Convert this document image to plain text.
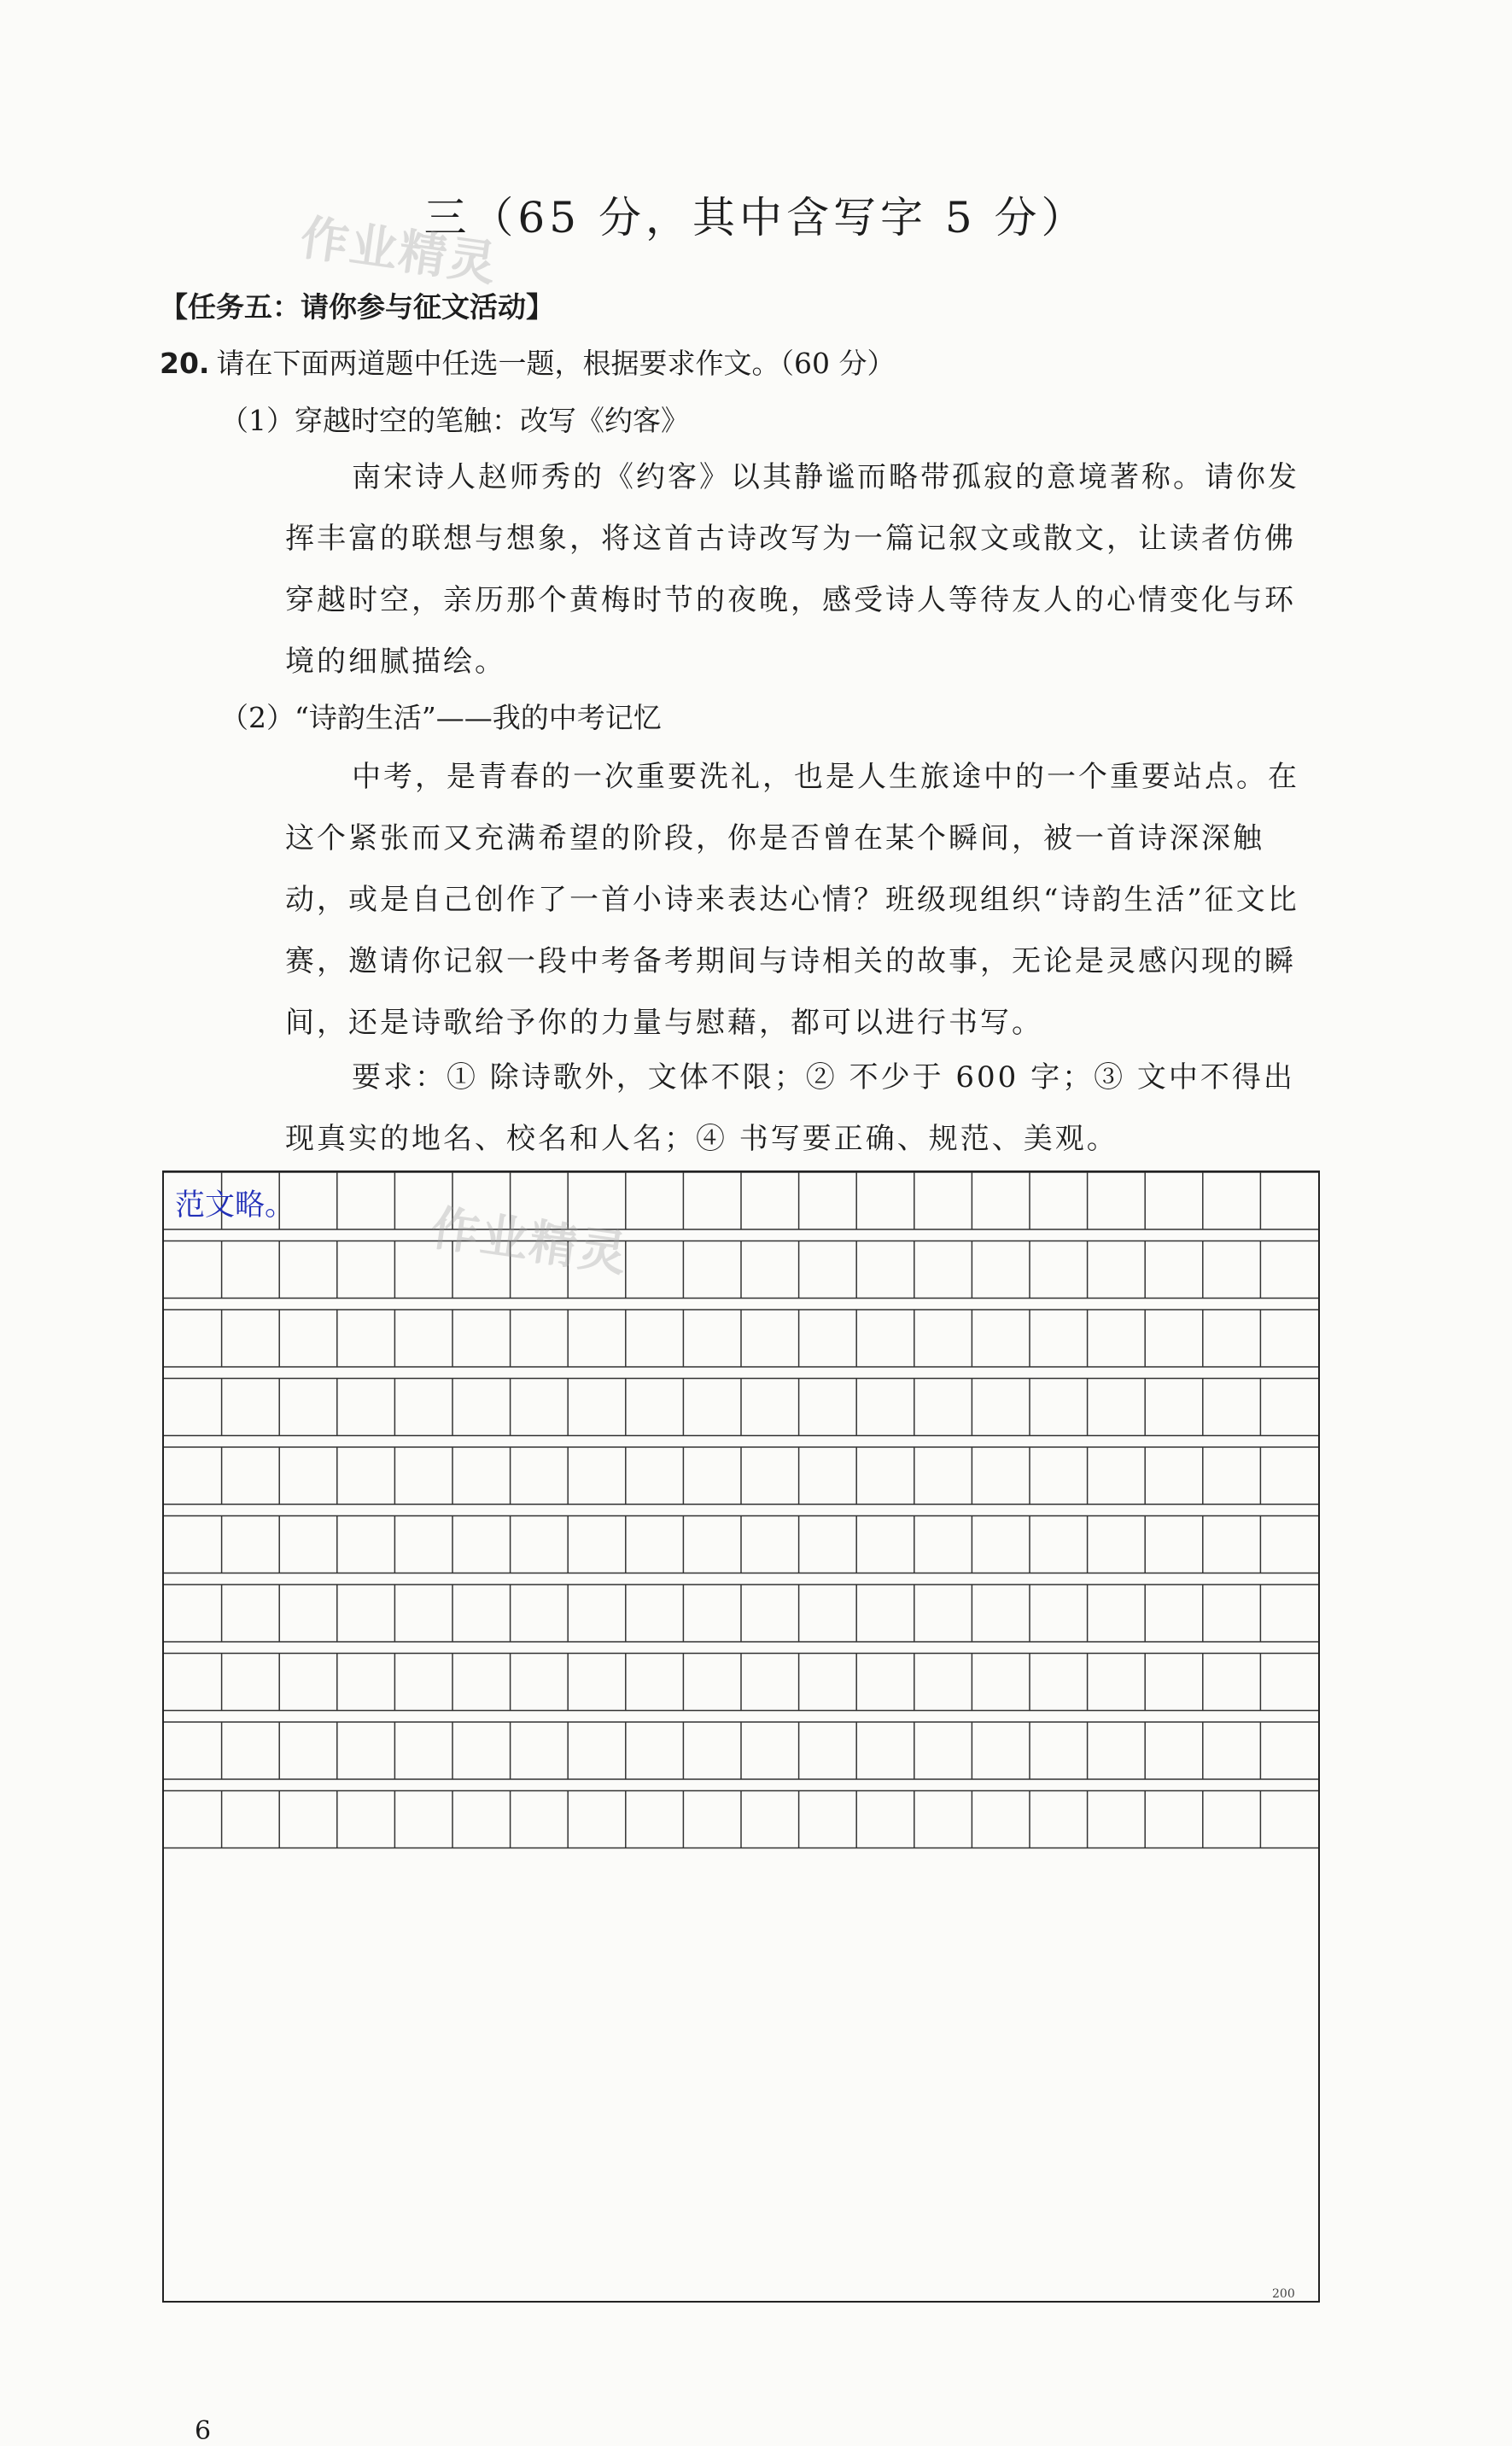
三（65 分，其中含写字 5 分）
作业精灵
【任务五：请你参与征文活动】
20. 请在下面两道题中任选一题，根据要求作文。（60 分）
（1）穿越时空的笔触：改写《约客》
南宋诗人赵师秀的《约客》以其静谧而略带孤寂的意境著称。请你发挥丰富的联想与想象，将这首古诗改写为一篇记叙文或散文，让读者仿佛穿越时空，亲历那个黄梅时节的夜晚，感受诗人等待友人的心情变化与环境的细腻描绘。
（2）“诗韵生活”——我的中考记忆
中考，是青春的一次重要洗礼，也是人生旅途中的一个重要站点。在这个紧张而又充满希望的阶段，你是否曾在某个瞬间，被一首诗深深触动，或是自己创作了一首小诗来表达心情？班级现组织“诗韵生活”征文比赛，邀请你记叙一段中考备考期间与诗相关的故事，无论是灵感闪现的瞬间，还是诗歌给予你的力量与慰藉，都可以进行书写。
要求：① 除诗歌外，文体不限；② 不少于 600 字；③ 文中不得出现真实的地名、校名和人名；④ 书写要正确、规范、美观。
范文略。	作业精灵
200
6
